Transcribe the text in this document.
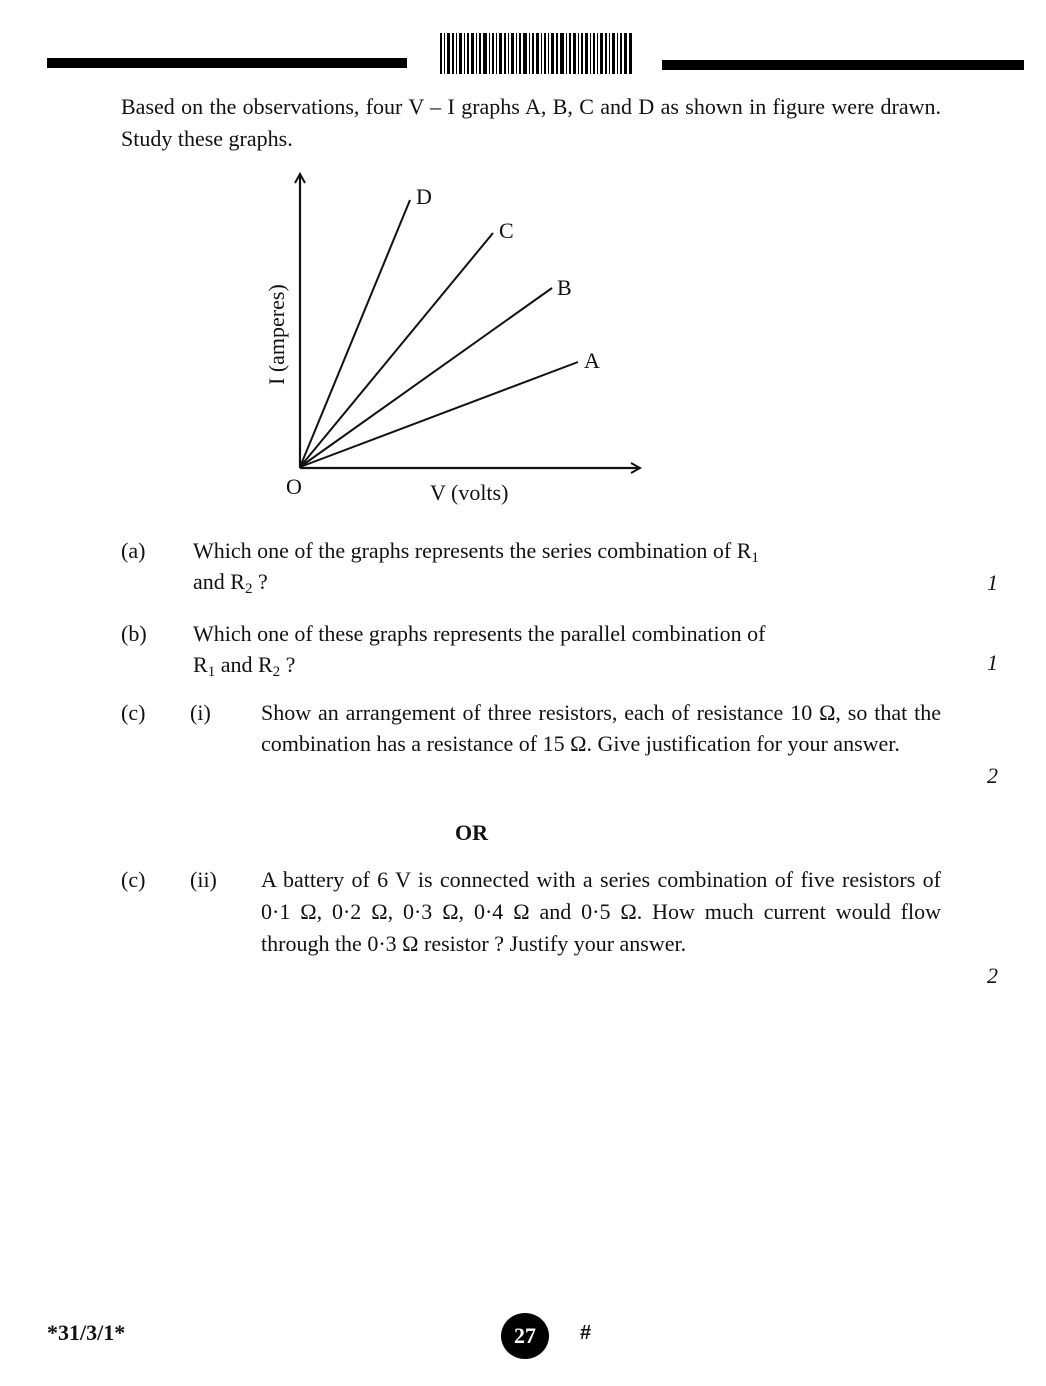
Based on the observations, four V – I graphs A, B, C and D as shown in figure were drawn. Study these graphs.
D
C
B
A
O	V (volts)
I (amperes)
(a) Which one of the graphs represents the series combination of $R_1$
and $R_2$ ?	1
(b) Which one of these graphs represents the parallel combination of
$R_1$ and $R_2$ ?	1
(c) (i) Show an arrangement of three resistors, each of resistance 10 Ω, so that the combination has a resistance of 15 Ω. Give justification for your answer.
2
OR
(c) (ii) A battery of 6 V is connected with a series combination of five resistors of 0·1 Ω, 0·2 Ω, 0·3 Ω, 0·4 Ω and 0·5 Ω. How much current would flow through the 0·3 Ω resistor ? Justify your answer.
2
*31/3/1*	27 #
